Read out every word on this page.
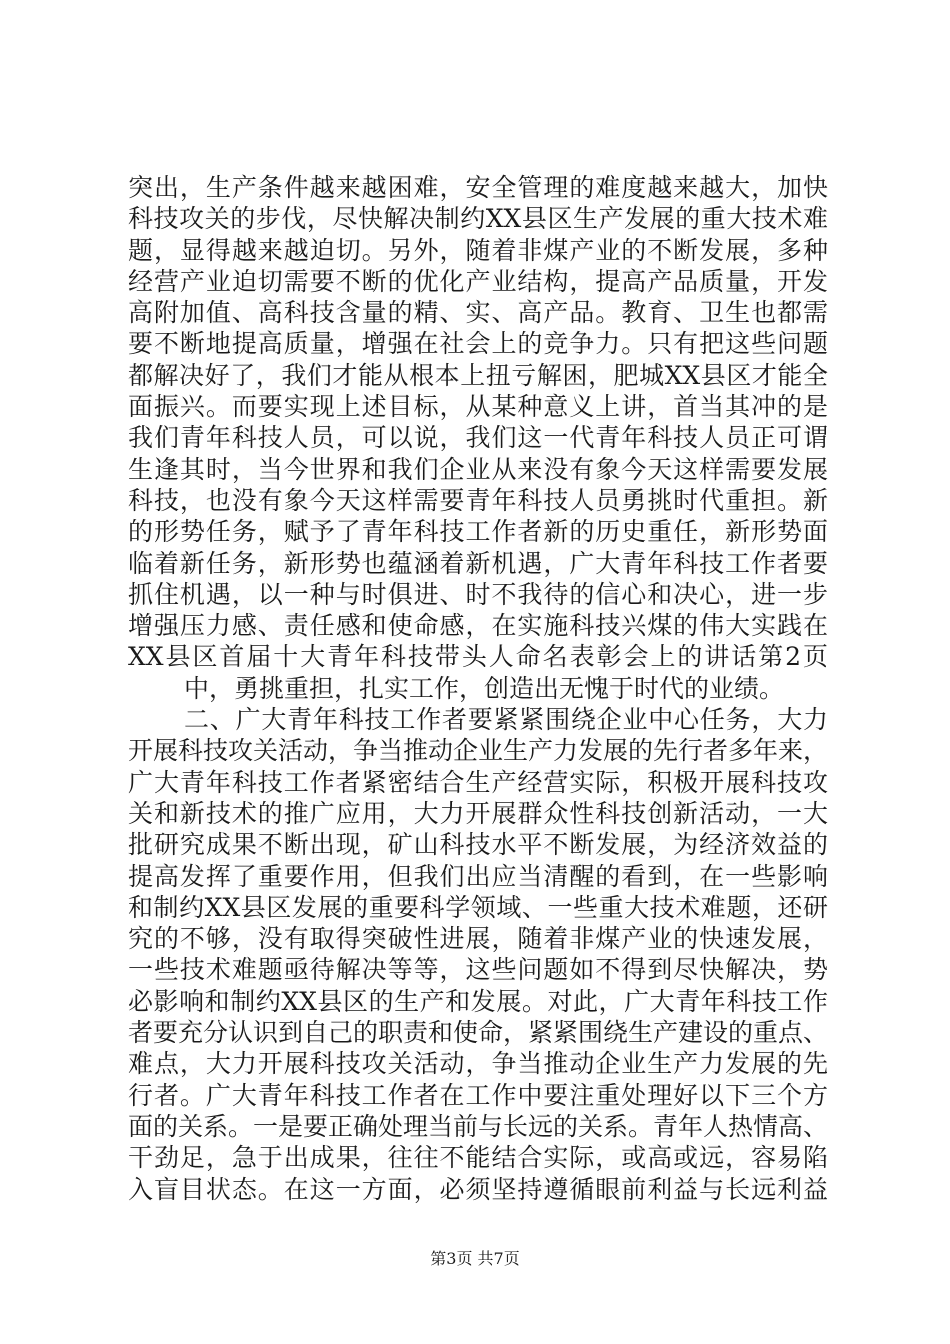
突出，生产条件越来越困难，安全管理的难度越来越大，加快
科技攻关的步伐，尽快解决制约XX县区生产发展的重大技术难
题，显得越来越迫切。另外，随着非煤产业的不断发展，多种
经营产业迫切需要不断的优化产业结构，提高产品质量，开发
高附加值、高科技含量的精、实、高产品。教育、卫生也都需
要不断地提高质量，增强在社会上的竞争力。只有把这些问题
都解决好了，我们才能从根本上扭亏解困，肥城XX县区才能全
面振兴。而要实现上述目标，从某种意义上讲，首当其冲的是
我们青年科技人员，可以说，我们这一代青年科技人员正可谓
生逢其时，当今世界和我们企业从来没有象今天这样需要发展
科技，也没有象今天这样需要青年科技人员勇挑时代重担。新
的形势任务，赋予了青年科技工作者新的历史重任，新形势面
临着新任务，新形势也蕴涵着新机遇，广大青年科技工作者要
抓住机遇，以一种与时俱进、时不我待的信心和决心，进一步
增强压力感、责任感和使命感，在实施科技兴煤的伟大实践在
XX县区首届十大青年科技带头人命名表彰会上的讲话第2页
中，勇挑重担，扎实工作，创造出无愧于时代的业绩。
二、广大青年科技工作者要紧紧围绕企业中心任务，大力
开展科技攻关活动，争当推动企业生产力发展的先行者多年来，
广大青年科技工作者紧密结合生产经营实际，积极开展科技攻
关和新技术的推广应用，大力开展群众性科技创新活动，一大
批研究成果不断出现，矿山科技水平不断发展，为经济效益的
提高发挥了重要作用，但我们出应当清醒的看到，在一些影响
和制约XX县区发展的重要科学领域、一些重大技术难题，还研
究的不够，没有取得突破性进展，随着非煤产业的快速发展，
一些技术难题亟待解决等等，这些问题如不得到尽快解决，势
必影响和制约XX县区的生产和发展。对此，广大青年科技工作
者要充分认识到自己的职责和使命，紧紧围绕生产建设的重点、
难点，大力开展科技攻关活动，争当推动企业生产力发展的先
行者。广大青年科技工作者在工作中要注重处理好以下三个方
面的关系。一是要正确处理当前与长远的关系。青年人热情高、
干劲足，急于出成果，往往不能结合实际，或高或远，容易陷
入盲目状态。在这一方面，必须坚持遵循眼前利益与长远利益
第3页 共7页
